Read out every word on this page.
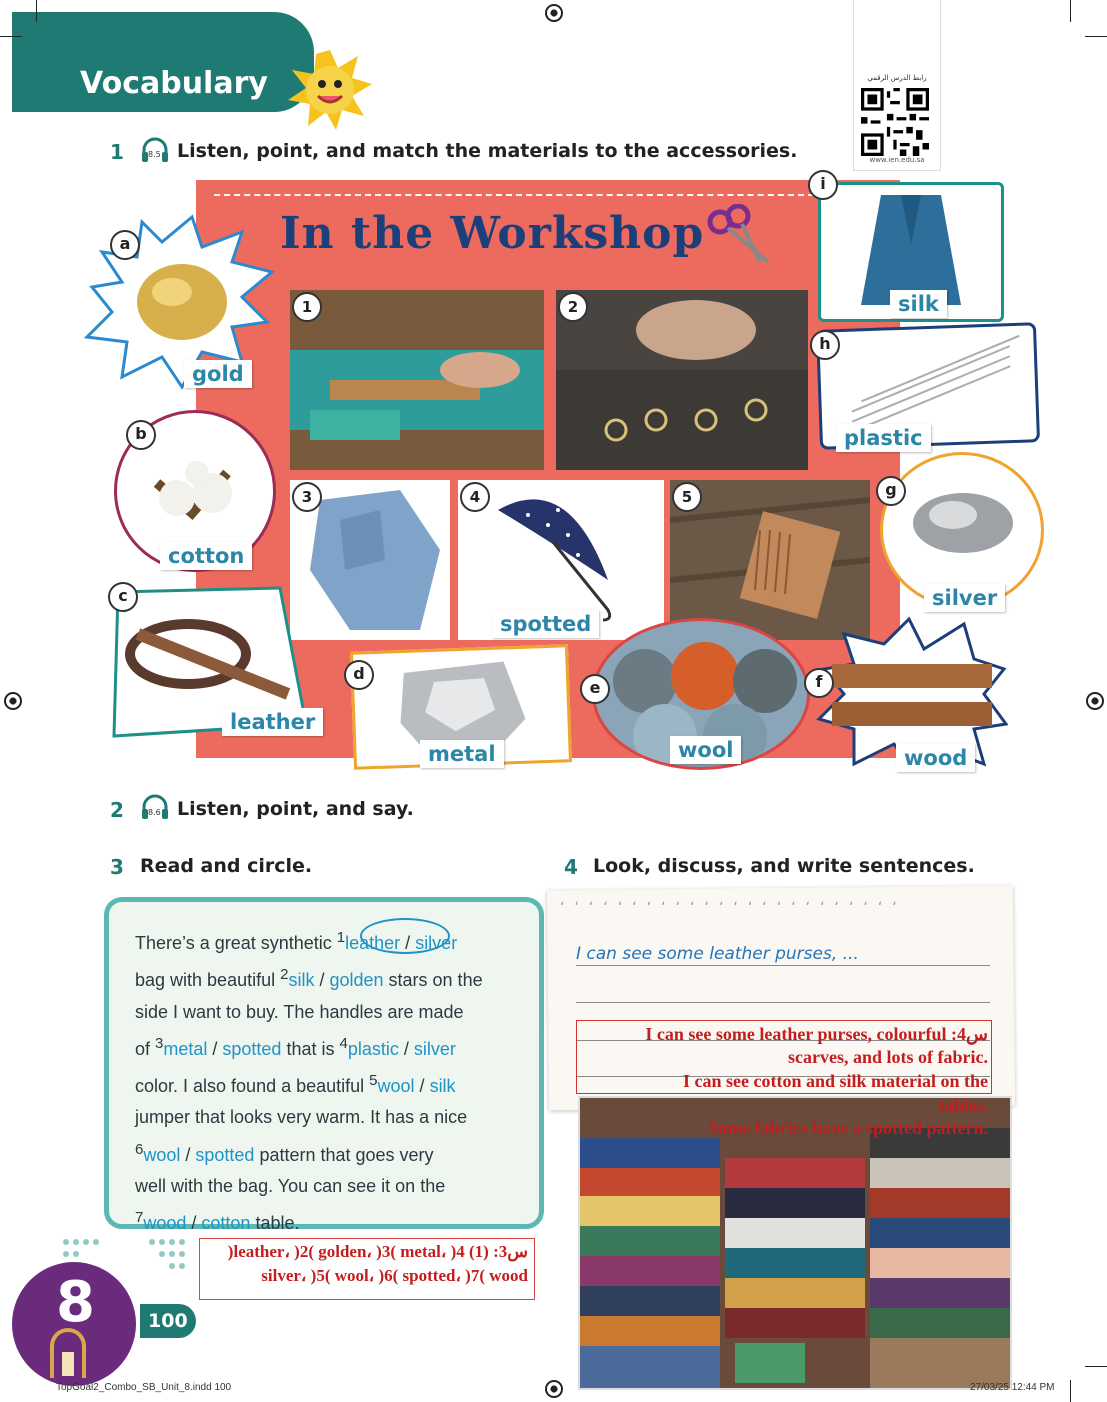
Vocabulary	رابط الدرس الرقمي
www.ien.edu.sa
1	8.5 Listen, point, and match the materials to the accessories.
In the Workshop
1	2
3	4
spotted
5
a
gold
b
cotton
c
leather
d
metal
e
wool
f
wood
g
silver
h
plastic
i
silk
2	8.6 Listen, point, and say.
3 Read and circle.
There’s a great synthetic $^1$leather / silver
bag with beautiful $^2$silk / golden stars on the
side I want to buy. The handles are made
of $^3$metal / spotted that is $^4$plastic / silver
color. I also found a beautiful $^5$wool / silk
jumper that looks very warm. It has a nice
$^6$wool / spotted pattern that goes very
well with the bag. You can see it on the
$^7$wood / cotton table.
س3: (1) leather، )2( golden، )3( metal، )4(
silver، )5( wool، )6( spotted، )7( wood
4 Look, discuss, and write sentences.
‘‘‘‘‘‘‘‘‘‘‘‘‘‘‘‘‘‘‘‘‘‘‘‘
I can see some leather purses, ...
س4: I can see some leather purses, colourful
scarves, and lots of fabric.
I can see cotton and silk material on the
tables.
Some fabrics have a spotted pattern.
8	100
TopGoal2_Combo_SB_Unit_8.indd 100	27/03/25 12:44 PM
